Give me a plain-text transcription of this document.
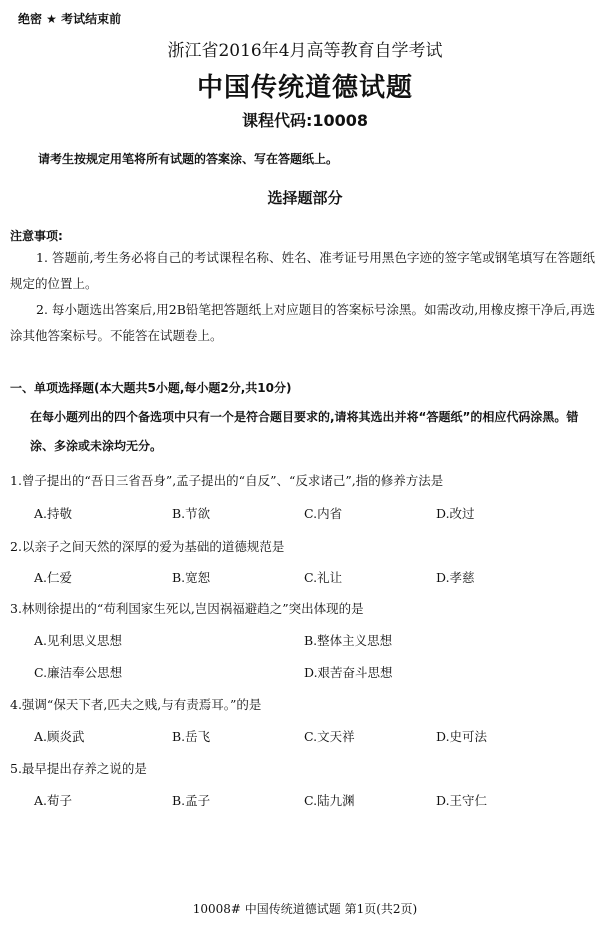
绝密 ★ 考试结束前
浙江省2016年4月高等教育自学考试
中国传统道德试题
课程代码:10008
请考生按规定用笔将所有试题的答案涂、写在答题纸上。
选择题部分
注意事项:
1. 答题前,考生务必将自己的考试课程名称、姓名、准考证号用黑色字迹的签字笔或钢笔填写在答题纸规定的位置上。
2. 每小题选出答案后,用2B铅笔把答题纸上对应题目的答案标号涂黑。如需改动,用橡皮擦干净后,再选涂其他答案标号。不能答在试题卷上。
一、单项选择题(本大题共5小题,每小题2分,共10分)
在每小题列出的四个备选项中只有一个是符合题目要求的,请将其选出并将“答题纸”的相应代码涂黑。错涂、多涂或未涂均无分。
1.曾子提出的“吾日三省吾身”,孟子提出的“自反”、“反求诸己”,指的修养方法是
A.持敬	B.节欲	C.内省	D.改过
2.以亲子之间天然的深厚的爱为基础的道德规范是
A.仁爱	B.宽恕	C.礼让	D.孝慈
3.林则徐提出的“苟利国家生死以,岂因祸福避趋之”突出体现的是
A.见利思义思想	B.整体主义思想
C.廉洁奉公思想	D.艰苦奋斗思想
4.强调“保天下者,匹夫之贱,与有责焉耳。”的是
A.顾炎武	B.岳飞	C.文天祥	D.史可法
5.最早提出存养之说的是
A.荀子	B.孟子	C.陆九渊	D.王守仁
10008# 中国传统道德试题 第1页(共2页)
